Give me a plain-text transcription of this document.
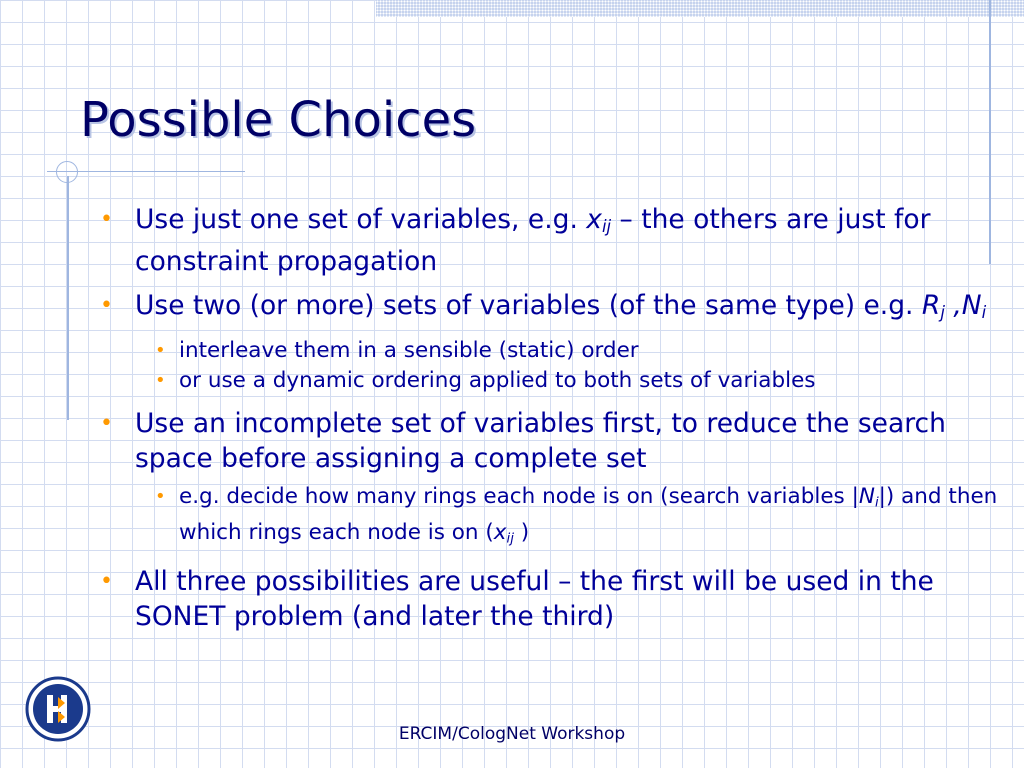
Possible Choices
• Use just one set of variables, e.g. $x_{ij}$ – the others are just for constraint propagation
• Use two (or more) sets of variables (of the same type) e.g. $R_j$ $,N_i$
• interleave them in a sensible (static) order
• or use a dynamic ordering applied to both sets of variables
• Use an incomplete set of variables first, to reduce the search space before assigning a complete set
• e.g. decide how many rings each node is on (search variables $|N_i|$) and then which rings each node is on ($x_{ij}$ )
• All three possibilities are useful – the first will be used in the SONET problem (and later the third)

ERCIM/CologNet Workshop
